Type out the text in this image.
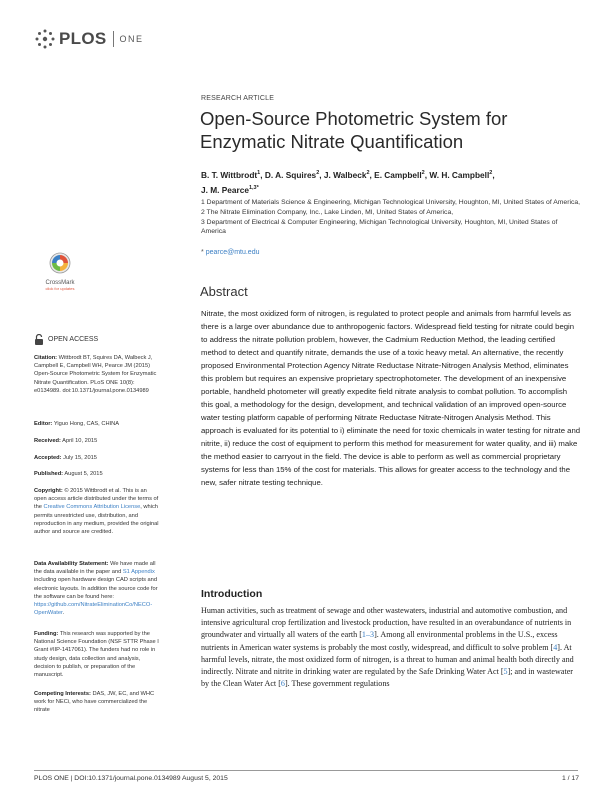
PLOS ONE
RESEARCH ARTICLE
Open-Source Photometric System for Enzymatic Nitrate Quantification
B. T. Wittbrodt$^1$, D. A. Squires$^2$, J. Walbeck$^2$, E. Campbell$^2$, W. H. Campbell$^2$,
J. M. Pearce$^{1,3*}$
1 Department of Materials Science & Engineering, Michigan Technological University, Houghton, MI, United States of America, 2 The Nitrate Elimination Company, Inc., Lake Linden, MI, United States of America,
3 Department of Electrical & Computer Engineering, Michigan Technological University, Houghton, MI, United States of America
* pearce@mtu.edu
CrossMark
click for updates
OPEN ACCESS
Citation: Wittbrodt BT, Squires DA, Walbeck J, Campbell E, Campbell WH, Pearce JM (2015) Open-Source Photometric System for Enzymatic Nitrate Quantification. PLoS ONE 10(8): e0134989. doi:10.1371/journal.pone.0134989
Editor: Yiguo Hong, CAS, CHINA
Received: April 10, 2015
Accepted: July 15, 2015
Published: August 5, 2015
Copyright: © 2015 Wittbrodt et al. This is an open access article distributed under the terms of the Creative Commons Attribution License, which permits unrestricted use, distribution, and reproduction in any medium, provided the original author and source are credited.
Data Availability Statement: We have made all the data available in the paper and S1 Appendix including open hardware design CAD scripts and electronic layouts. In addition the source code for the software can be found here: https://github.com/NitrateEliminationCo/NECO-OpenWater.
Funding: This research was supported by the National Science Foundation (NSF STTR Phase I Grant #IIP-1417061). The funders had no role in study design, data collection and analysis, decision to publish, or preparation of the manuscript.
Competing Interests: DAS, JW, EC, and WHC work for NECi, who have commercialized the nitrate
Abstract
Nitrate, the most oxidized form of nitrogen, is regulated to protect people and animals from harmful levels as there is a large over abundance due to anthropogenic factors. Widespread field testing for nitrate could begin to address the nitrate pollution problem, however, the Cadmium Reduction Method, the leading certified method to detect and quantify nitrate, demands the use of a toxic heavy metal. An alternative, the recently proposed Environmental Protection Agency Nitrate Reductase Nitrate-Nitrogen Analysis Method, eliminates this problem but requires an expensive proprietary spectrophotometer. The development of an inexpensive portable, handheld photometer will greatly expedite field nitrate analysis to combat pollution. To accomplish this goal, a methodology for the design, development, and technical validation of an improved open-source water testing platform capable of performing Nitrate Reductase Nitrate-Nitrogen Analysis Method. This approach is evaluated for its potential to i) eliminate the need for toxic chemicals in water testing for nitrate and nitrite, ii) reduce the cost of equipment to perform this method for measurement for water quality, and iii) make the method easier to carryout in the field. The device is able to perform as well as commercial proprietary systems for less than 15% of the cost for materials. This allows for greater access to the technology and the new, safer nitrate testing technique.
Introduction
Human activities, such as treatment of sewage and other wastewaters, industrial and automotive combustion, and intensive agricultural crop fertilization and livestock production, have resulted in an overabundance of nutrients in groundwater and virtually all waters of the earth [1–3]. Among all environmental problems in the U.S., excess nutrients in American water systems is probably the most costly, widespread, and difficult to solve problem [4]. At harmful levels, nitrate, the most oxidized form of nitrogen, is a threat to human and animal health both directly and indirectly. Nitrate and nitrite in drinking water are regulated by the Safe Drinking Water Act [5]; and in wastewater by the Clean Water Act [6]. These government regulations
PLOS ONE | DOI:10.1371/journal.pone.0134989 August 5, 2015	1 / 17
